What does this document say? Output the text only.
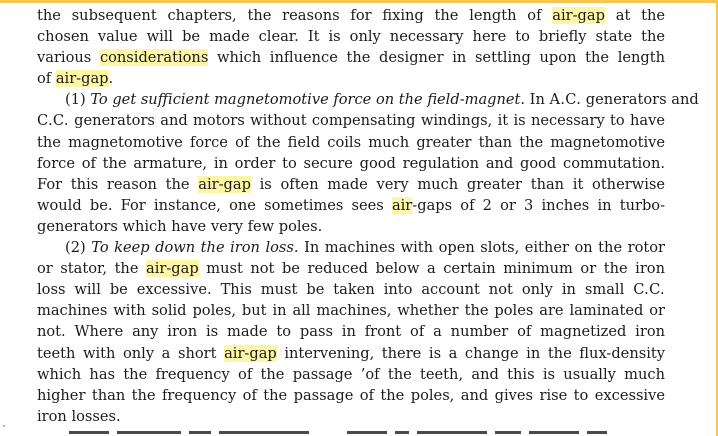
the subsequent chapters, the reasons for fixing the length of air-gap at the
chosen value will be made clear. It is only necessary here to briefly state the
various considerations which influence the designer in settling upon the length
of air-gap.
(1) To get sufficient magnetomotive force on the field-magnet. In A.C. generators and
C.C. generators and motors without compensating windings, it is necessary to have
the magnetomotive force of the field coils much greater than the magnetomotive
force of the armature, in order to secure good regulation and good commutation.
For this reason the air-gap is often made very much greater than it otherwise
would be. For instance, one sometimes sees air-gaps of 2 or 3 inches in turbo-
generators which have very few poles.
(2) To keep down the iron loss. In machines with open slots, either on the rotor
or stator, the air-gap must not be reduced below a certain minimum or the iron
loss will be excessive. This must be taken into account not only in small C.C.
machines with solid poles, but in all machines, whether the poles are laminated or
not. Where any iron is made to pass in front of a number of magnetized iron
teeth with only a short air-gap intervening, there is a change in the flux-density
which has the frequency of the passage ’of the teeth, and this is usually much
higher than the frequency of the passage of the poles, and gives rise to excessive
iron losses.
